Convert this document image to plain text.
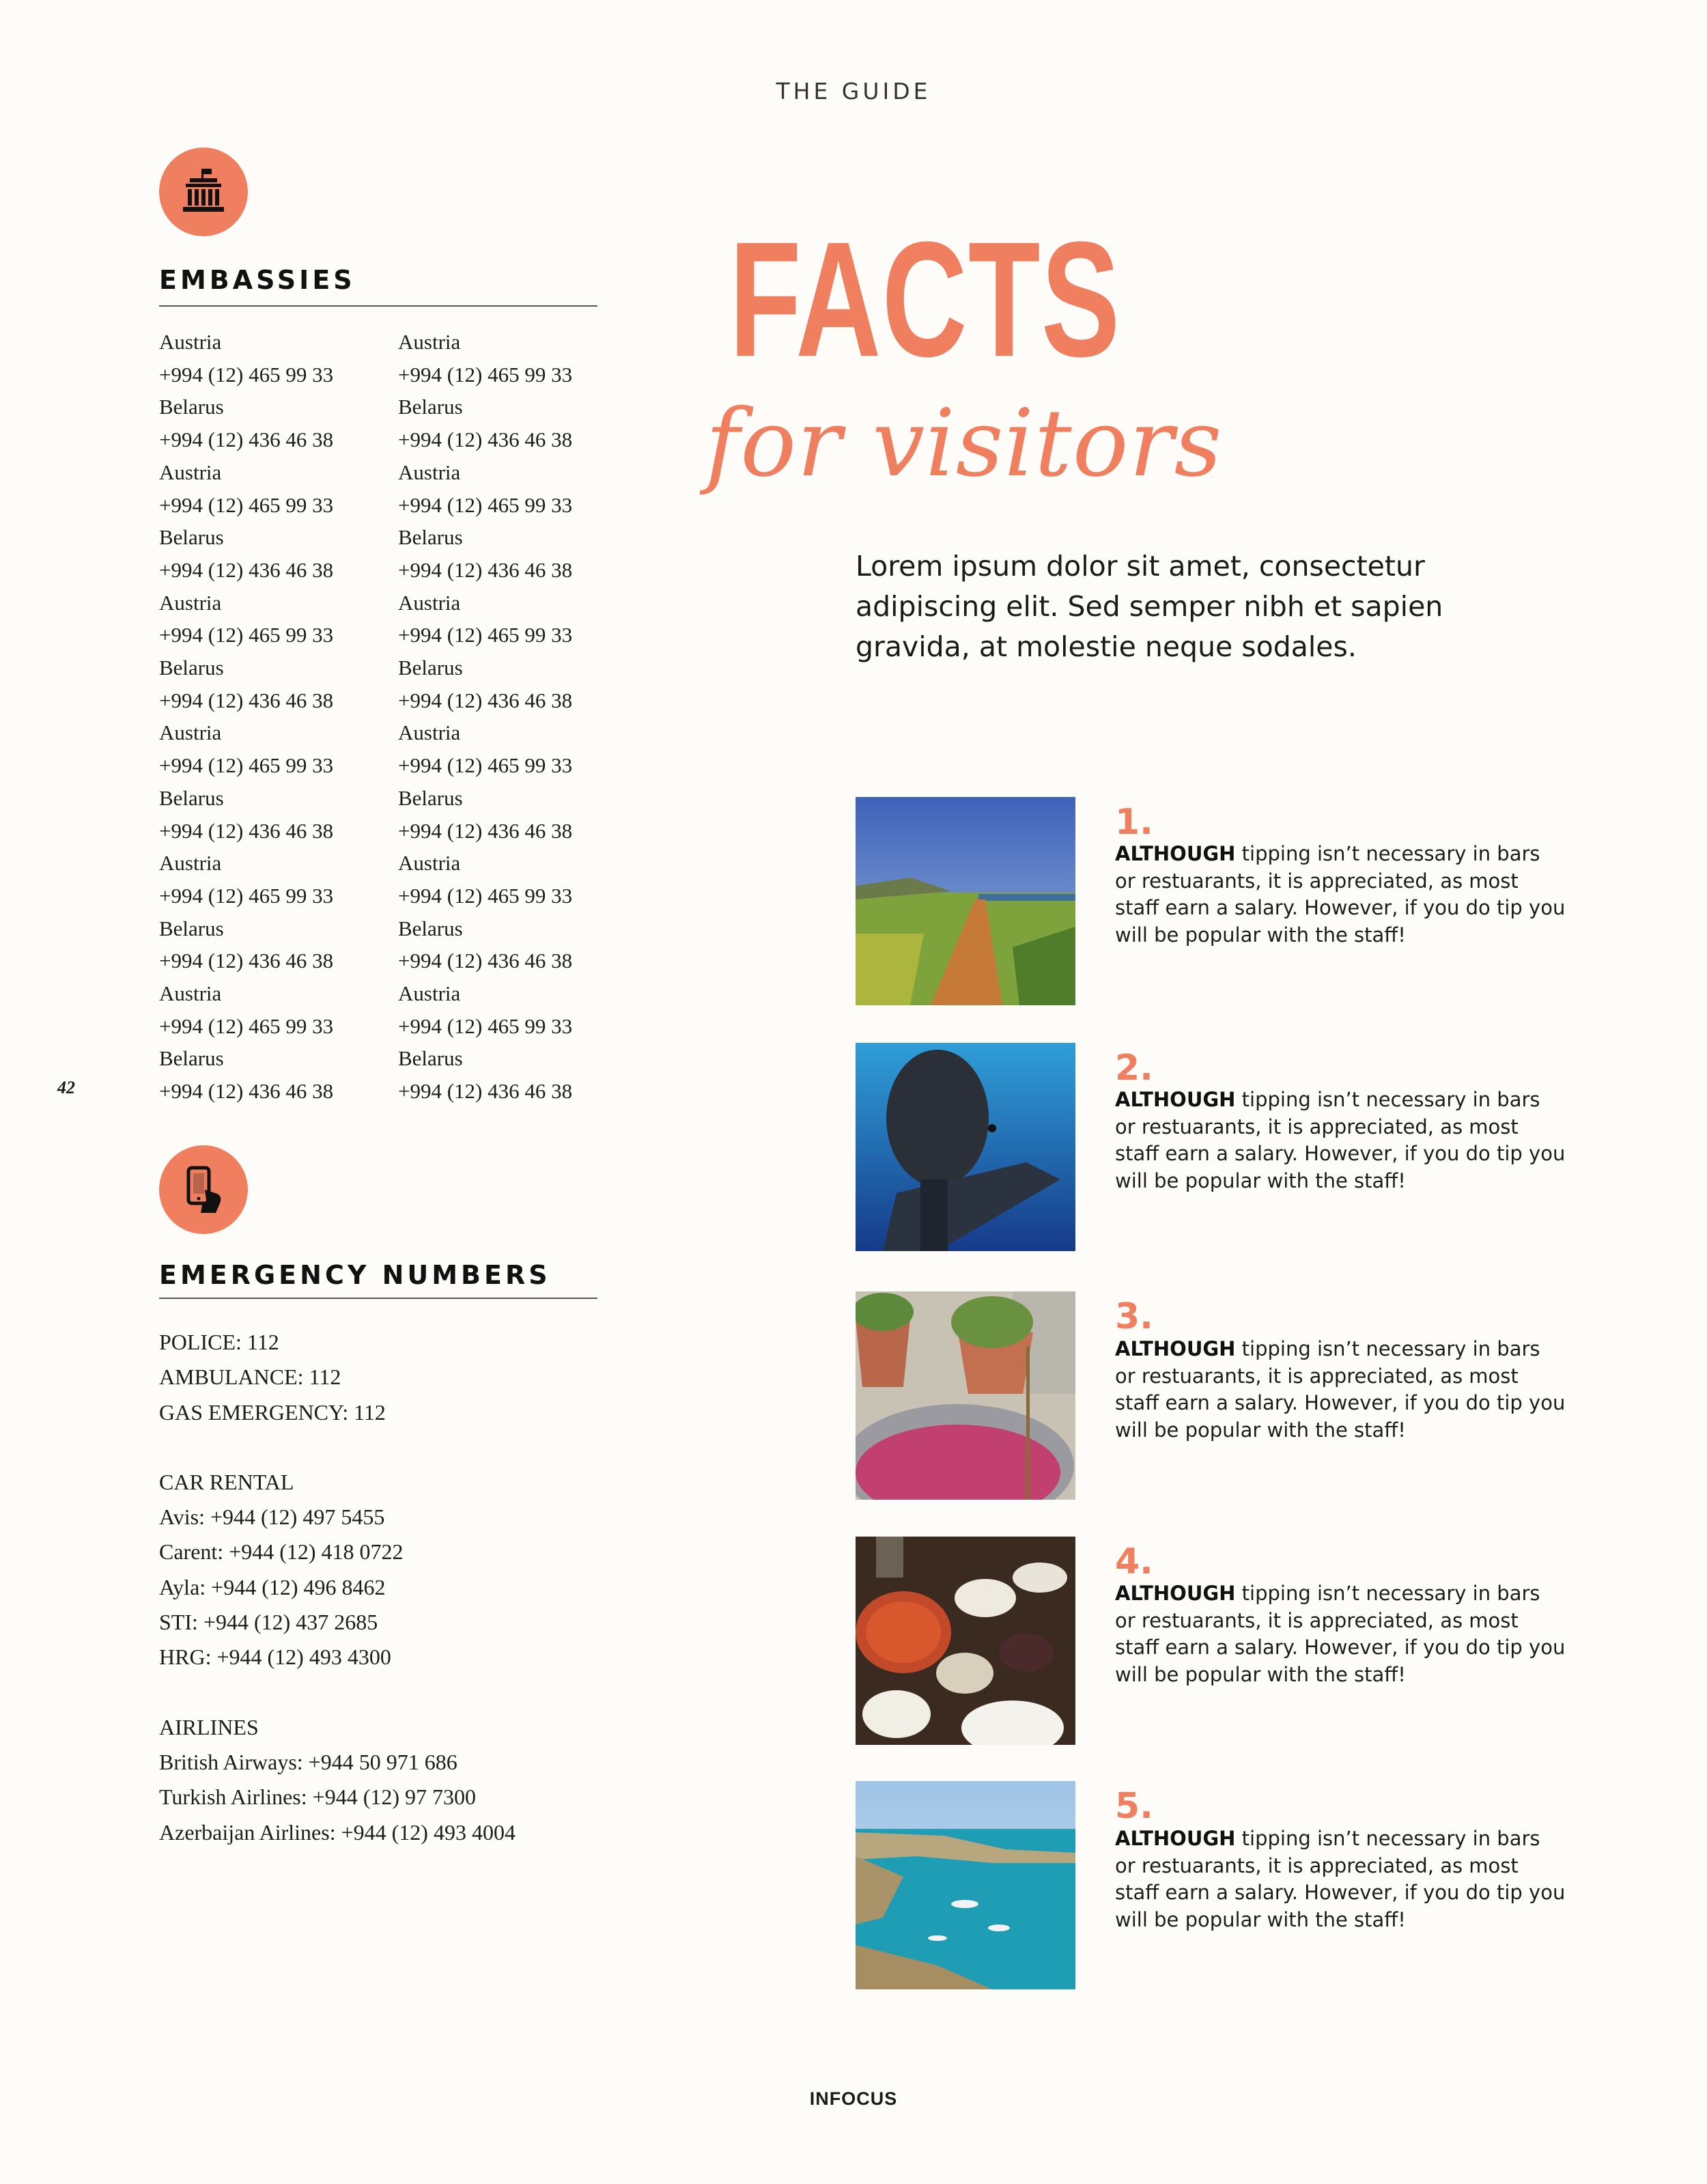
THE GUIDE
42
EMBASSIES
Austria
+994 (12) 465 99 33
Austria
+994 (12) 465 99 33
Belarus
+994 (12) 436 46 38
Belarus
+994 (12) 436 46 38
Austria
+994 (12) 465 99 33
Austria
+994 (12) 465 99 33
Belarus
+994 (12) 436 46 38
Belarus
+994 (12) 436 46 38
Austria
+994 (12) 465 99 33
Austria
+994 (12) 465 99 33
Belarus
+994 (12) 436 46 38
Belarus
+994 (12) 436 46 38
Austria
+994 (12) 465 99 33
Austria
+994 (12) 465 99 33
Belarus
+994 (12) 436 46 38
Belarus
+994 (12) 436 46 38
Austria
+994 (12) 465 99 33
Austria
+994 (12) 465 99 33
Belarus
+994 (12) 436 46 38
Belarus
+994 (12) 436 46 38
Austria
+994 (12) 465 99 33
Austria
+994 (12) 465 99 33
Belarus
+994 (12) 436 46 38
Belarus
+994 (12) 436 46 38
EMERGENCY NUMBERS
POLICE: 112
AMBULANCE: 112
GAS EMERGENCY: 112
CAR RENTAL
Avis: +944 (12) 497 5455
Carent: +944 (12) 418 0722
Ayla: +944 (12) 496 8462
STI: +944 (12) 437 2685
HRG: +944 (12) 493 4300
AIRLINES
British Airways: +944 50 971 686
Turkish Airlines: +944 (12) 97 7300
Azerbaijan Airlines: +944 (12) 493 4004
FACTS
for visitors
Lorem ipsum dolor sit amet, consectetur adipiscing elit. Sed semper nibh et sapien gravida, at molestie neque sodales.
1.
ALTHOUGH tipping isn’t necessary in bars or restuarants, it is appreciated, as most staff earn a salary. However, if you do tip you will be popular with the staff!
2.
ALTHOUGH tipping isn’t necessary in bars or restuarants, it is appreciated, as most staff earn a salary. However, if you do tip you will be popular with the staff!
3.
ALTHOUGH tipping isn’t necessary in bars or restuarants, it is appreciated, as most staff earn a salary. However, if you do tip you will be popular with the staff!
4.
ALTHOUGH tipping isn’t necessary in bars or restuarants, it is appreciated, as most staff earn a salary. However, if you do tip you will be popular with the staff!
5.
ALTHOUGH tipping isn’t necessary in bars or restuarants, it is appreciated, as most staff earn a salary. However, if you do tip you will be popular with the staff!
INFOCUS
